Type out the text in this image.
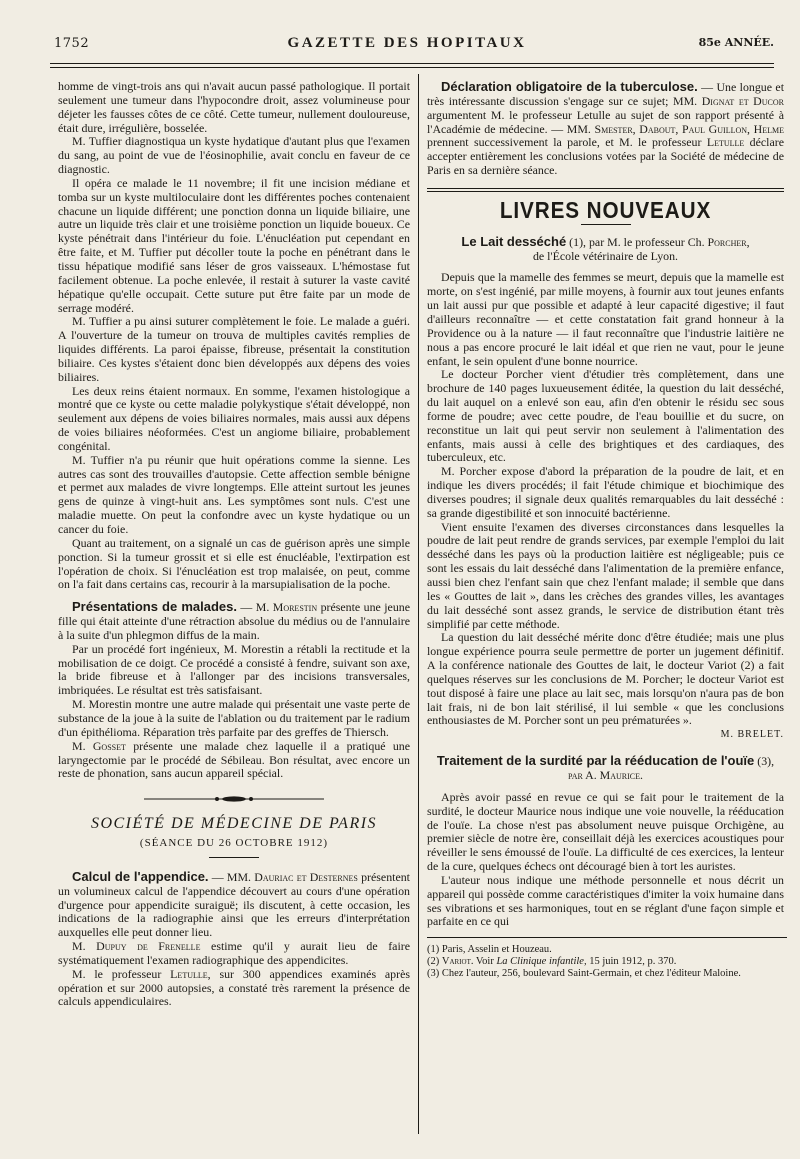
1752	GAZETTE DES HOPITAUX	85e ANNÉE.

homme de vingt-trois ans qui n'avait aucun passé pathologique. Il portait seulement une tumeur dans l'hypocondre droit, assez volumineuse pour déjeter les fausses côtes de ce côté. Cette tumeur, nullement douloureuse, était dure, irrégulière, bosselée.

M. Tuffier diagnostiqua un kyste hydatique d'autant plus que l'examen du sang, au point de vue de l'éosinophilie, avait conclu en faveur de ce diagnostic.

Il opéra ce malade le 11 novembre; il fit une incision médiane et tomba sur un kyste multiloculaire dont les différentes poches contenaient chacune un liquide différent; une ponction donna un liquide biliaire, une autre un liquide très clair et une troisième ponction un liquide boueux. Ce kyste pénétrait dans l'intérieur du foie. L'énucléation put cependant en être faite, et M. Tuffier put décoller toute la poche en pénétrant dans le tissu hépatique modifié sans léser de gros vaisseaux. L'hémostase fut facilement obtenue. La poche enlevée, il restait à suturer la vaste cavité hépatique qu'elle occupait. Cette suture put être faite par un mode de serrage modéré.

M. Tuffier a pu ainsi suturer complètement le foie. Le malade a guéri. A l'ouverture de la tumeur on trouva de multiples cavités remplies de liquides différents. La paroi épaisse, fibreuse, présentait la constitution biliaire. Ces kystes s'étaient donc bien développés aux dépens des voies biliaires.

Les deux reins étaient normaux. En somme, l'examen histologique a montré que ce kyste ou cette maladie polykystique s'était développé, non seulement aux dépens de voies biliaires normales, mais aussi aux dépens de voies biliaires néoformées. C'est un angiome biliaire, probablement congénital.

M. Tuffier n'a pu réunir que huit opérations comme la sienne. Les autres cas sont des trouvailles d'autopsie. Cette affection semble bénigne et permet aux malades de vivre longtemps. Elle atteint surtout les jeunes gens de quinze à vingt-huit ans. Les symptômes sont nuls. C'est une maladie muette. On peut la confondre avec un kyste hydatique ou un cancer du foie.

Quant au traitement, on a signalé un cas de guérison après une simple ponction. Si la tumeur grossit et si elle est énucléable, l'extirpation est l'opération de choix. Si l'énucléation est trop malaisée, on peut, comme on l'a fait dans certains cas, recourir à la marsupialisation de la poche.

Présentations de malades. — M. Morestin présente une jeune fille qui était atteinte d'une rétraction absolue du médius ou de l'annulaire à la suite d'un phlegmon diffus de la main.

Par un procédé fort ingénieux, M. Morestin a rétabli la rectitude et la mobilisation de ce doigt. Ce procédé a consisté à fendre, suivant son axe, la bride fibreuse et à l'allonger par des incisions transversales, imbriquées. Le résultat est très satisfaisant.

M. Morestin montre une autre malade qui présentait une vaste perte de substance de la joue à la suite de l'ablation ou du traitement par le radium d'un épithélioma. Réparation très parfaite par des greffes de Thiersch.

M. Gosset présente une malade chez laquelle il a pratiqué une laryngectomie par le procédé de Sébileau. Bon résultat, avec encore un reste de phonation, sans aucun appareil spécial.

SOCIÉTÉ DE MÉDECINE DE PARIS
(SÉANCE DU 26 OCTOBRE 1912)

Calcul de l'appendice. — MM. Dauriac et Desternes présentent un volumineux calcul de l'appendice découvert au cours d'une opération d'urgence pour appendicite suraiguë; ils discutent, à cette occasion, les indications de la radiographie ainsi que les erreurs d'interprétation auxquelles elle peut donner lieu.

M. Dupuy de Frenelle estime qu'il y aurait lieu de faire systématiquement l'examen radiographique des appendicites.

M. le professeur Letulle, sur 300 appendices examinés après opération et sur 2000 autopsies, a constaté très rarement la présence de calculs appendiculaires.

Déclaration obligatoire de la tuberculose. — Une longue et très intéressante discussion s'engage sur ce sujet; MM. Dignat et Ducor argumentent M. le professeur Letulle au sujet de son rapport présenté à l'Académie de médecine. — MM. Smester, Dabout, Paul Guillon, Helme prennent successivement la parole, et M. le professeur Letulle déclare accepter entièrement les conclusions votées par la Société de médecine de Paris en sa dernière séance.

LIVRES NOUVEAUX

Le Lait desséché (1), par M. le professeur Ch. Porcher,
de l'École vétérinaire de Lyon.

Depuis que la mamelle des femmes se meurt, depuis que la mamelle est morte, on s'est ingénié, par mille moyens, à fournir aux tout jeunes enfants un lait aussi pur que possible et adapté à leur capacité digestive; il faut d'ailleurs reconnaître — et cette constatation fait grand honneur à la Providence ou à la nature — il faut reconnaître que l'industrie laitière ne nous a pas encore procuré le lait idéal et que rien ne vaut, pour le jeune enfant, le sein opulent d'une bonne nourrice.

Le docteur Porcher vient d'étudier très complètement, dans une brochure de 140 pages luxueusement éditée, la question du lait desséché, du lait auquel on a enlevé son eau, afin d'en obtenir le résidu sec sous forme de poudre; avec cette poudre, de l'eau bouillie et du sucre, on reconstitue un lait qui peut servir non seulement à l'alimentation des enfants, mais aussi à celle des brightiques et des cardiaques, des tuberculeux, etc.

M. Porcher expose d'abord la préparation de la poudre de lait, et en indique les divers procédés; il fait l'étude chimique et biochimique des diverses poudres; il signale deux qualités remarquables du lait desséché : sa grande digestibilité et son innocuité bactérienne.

Vient ensuite l'examen des diverses circonstances dans lesquelles la poudre de lait peut rendre de grands services, par exemple l'emploi du lait desséché dans les pays où la production laitière est négligeable; puis ce sont les essais du lait desséché dans l'alimentation de la première enfance, aussi bien chez l'enfant sain que chez l'enfant malade; il semble que dans les « Gouttes de lait », dans les crèches des grandes villes, les avantages du lait desséché sont assez grands, le service de distribution étant très simplifié par cette méthode.

La question du lait desséché mérite donc d'être étudiée; mais une plus longue expérience pourra seule permettre de porter un jugement définitif. A la conférence nationale des Gouttes de lait, le docteur Variot (2) a fait quelques réserves sur les conclusions de M. Porcher; le docteur Variot est tout disposé à faire une place au lait sec, mais lorsqu'on n'aura pas de bon lait frais, ni de bon lait stérilisé, il lui semble « que les conclusions enthousiastes de M. Porcher sont un peu prématurées ».

M. BRELET.

Traitement de la surdité par la rééducation de l'ouïe (3),
par A. Maurice.

Après avoir passé en revue ce qui se fait pour le traitement de la surdité, le docteur Maurice nous indique une voie nouvelle, la rééducation de l'ouïe. La chose n'est pas absolument neuve puisque Orchigène, au premier siècle de notre ère, conseillait déjà les exercices acoustiques pour réveiller le sens émoussé de l'ouïe. La difficulté de ces exercices, la lenteur de la cure, quelques échecs ont découragé bien à tort les auristes.

L'auteur nous indique une méthode personnelle et nous décrit un appareil qui possède comme caractéristiques d'imiter la voix humaine dans ses vibrations et ses harmoniques, tout en se réglant d'une façon simple et parfaite en ce qui

(1) Paris, Asselin et Houzeau.

(2) Variot. Voir La Clinique infantile, 15 juin 1912, p. 370.

(3) Chez l'auteur, 256, boulevard Saint-Germain, et chez l'éditeur Maloine.
